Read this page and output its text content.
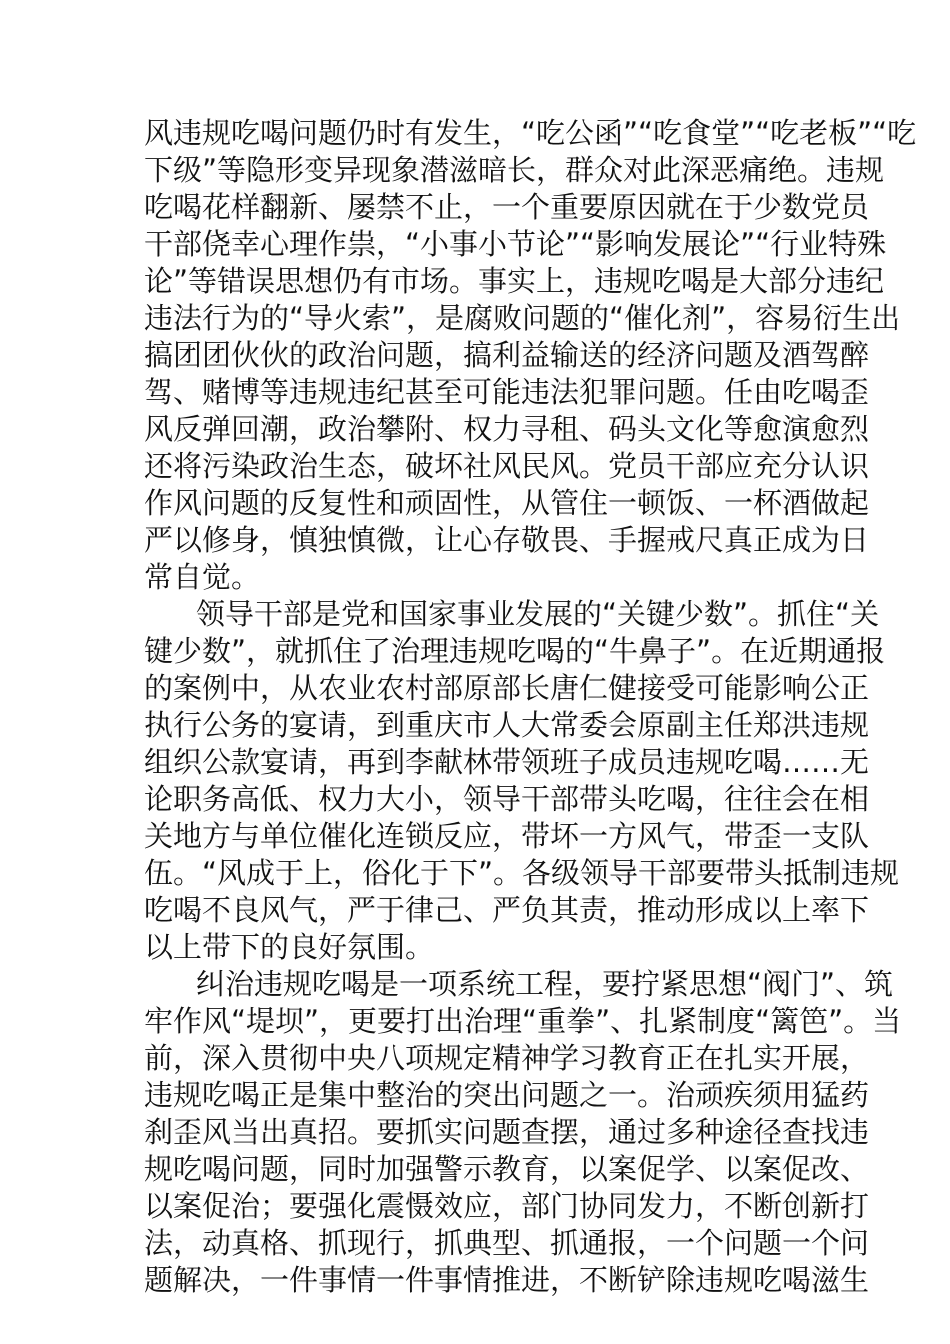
风违规吃喝问题仍时有发生，“吃公函”“吃食堂”“吃老板”“吃
下级”等隐形变异现象潜滋暗长，群众对此深恶痛绝。违规
吃喝花样翻新、屡禁不止，一个重要原因就在于少数党员
干部侥幸心理作祟，“小事小节论”“影响发展论”“行业特殊
论”等错误思想仍有市场。事实上，违规吃喝是大部分违纪
违法行为的“导火索”，是腐败问题的“催化剂”，容易衍生出
搞团团伙伙的政治问题，搞利益输送的经济问题及酒驾醉
驾、赌博等违规违纪甚至可能违法犯罪问题。任由吃喝歪
风反弹回潮，政治攀附、权力寻租、码头文化等愈演愈烈
还将污染政治生态，破坏社风民风。党员干部应充分认识
作风问题的反复性和顽固性，从管住一顿饭、一杯酒做起
严以修身，慎独慎微，让心存敬畏、手握戒尺真正成为日
常自觉。
领导干部是党和国家事业发展的“关键少数”。抓住“关
键少数”，就抓住了治理违规吃喝的“牛鼻子”。在近期通报
的案例中，从农业农村部原部长唐仁健接受可能影响公正
执行公务的宴请，到重庆市人大常委会原副主任郑洪违规
组织公款宴请，再到李献林带领班子成员违规吃喝……无
论职务高低、权力大小，领导干部带头吃喝，往往会在相
关地方与单位催化连锁反应，带坏一方风气，带歪一支队
伍。“风成于上，俗化于下”。各级领导干部要带头抵制违规
吃喝不良风气，严于律己、严负其责，推动形成以上率下
以上带下的良好氛围。
纠治违规吃喝是一项系统工程，要拧紧思想“阀门”、筑
牢作风“堤坝”，更要打出治理“重拳”、扎紧制度“篱笆”。当
前，深入贯彻中央八项规定精神学习教育正在扎实开展，
违规吃喝正是集中整治的突出问题之一。治顽疾须用猛药
刹歪风当出真招。要抓实问题查摆，通过多种途径查找违
规吃喝问题，同时加强警示教育，以案促学、以案促改、
以案促治；要强化震慑效应，部门协同发力，不断创新打
法，动真格、抓现行，抓典型、抓通报，一个问题一个问
题解决，一件事情一件事情推进，不断铲除违规吃喝滋生
